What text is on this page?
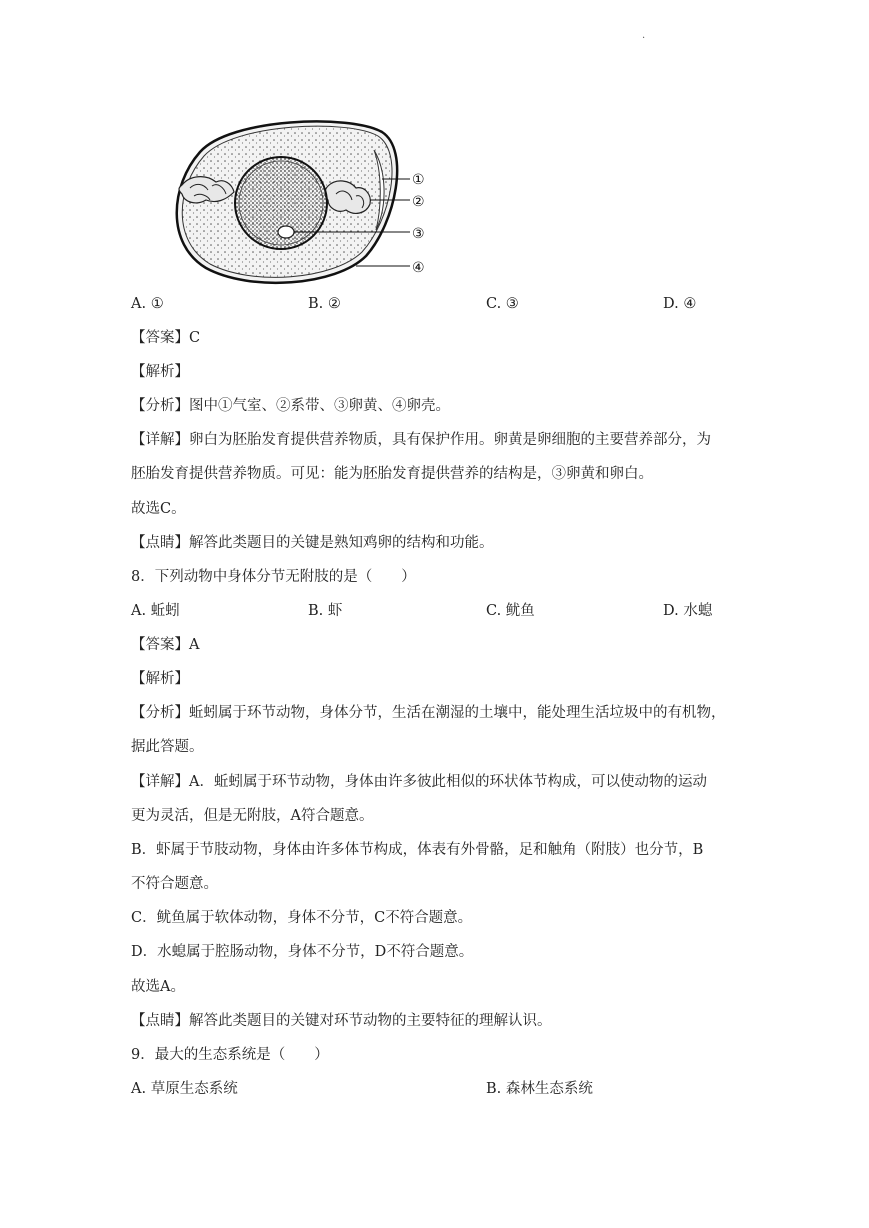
.
①
②
③
④
A. ①	B. ②	C. ③	D. ④
【答案】C
【解析】
【分析】图中①气室、②系带、③卵黄、④卵壳。
【详解】卵白为胚胎发育提供营养物质，具有保护作用。卵黄是卵细胞的主要营养部分，为
胚胎发育提供营养物质。可见：能为胚胎发育提供营养的结构是，③卵黄和卵白。
故选C。
【点睛】解答此类题目的关键是熟知鸡卵的结构和功能。
8．下列动物中身体分节无附肢的是（　　）
A. 蚯蚓	B. 虾	C. 鱿鱼	D. 水螅
【答案】A
【解析】
【分析】蚯蚓属于环节动物，身体分节，生活在潮湿的土壤中，能处理生活垃圾中的有机物，
据此答题。
【详解】A．蚯蚓属于环节动物，身体由许多彼此相似的环状体节构成，可以使动物的运动
更为灵活，但是无附肢，A符合题意。
B．虾属于节肢动物，身体由许多体节构成，体表有外骨骼，足和触角（附肢）也分节，B
不符合题意。
C．鱿鱼属于软体动物，身体不分节，C不符合题意。
D．水螅属于腔肠动物，身体不分节，D不符合题意。
故选A。
【点睛】解答此类题目的关键对环节动物的主要特征的理解认识。
9．最大的生态系统是（　　）
A. 草原生态系统	B. 森林生态系统
